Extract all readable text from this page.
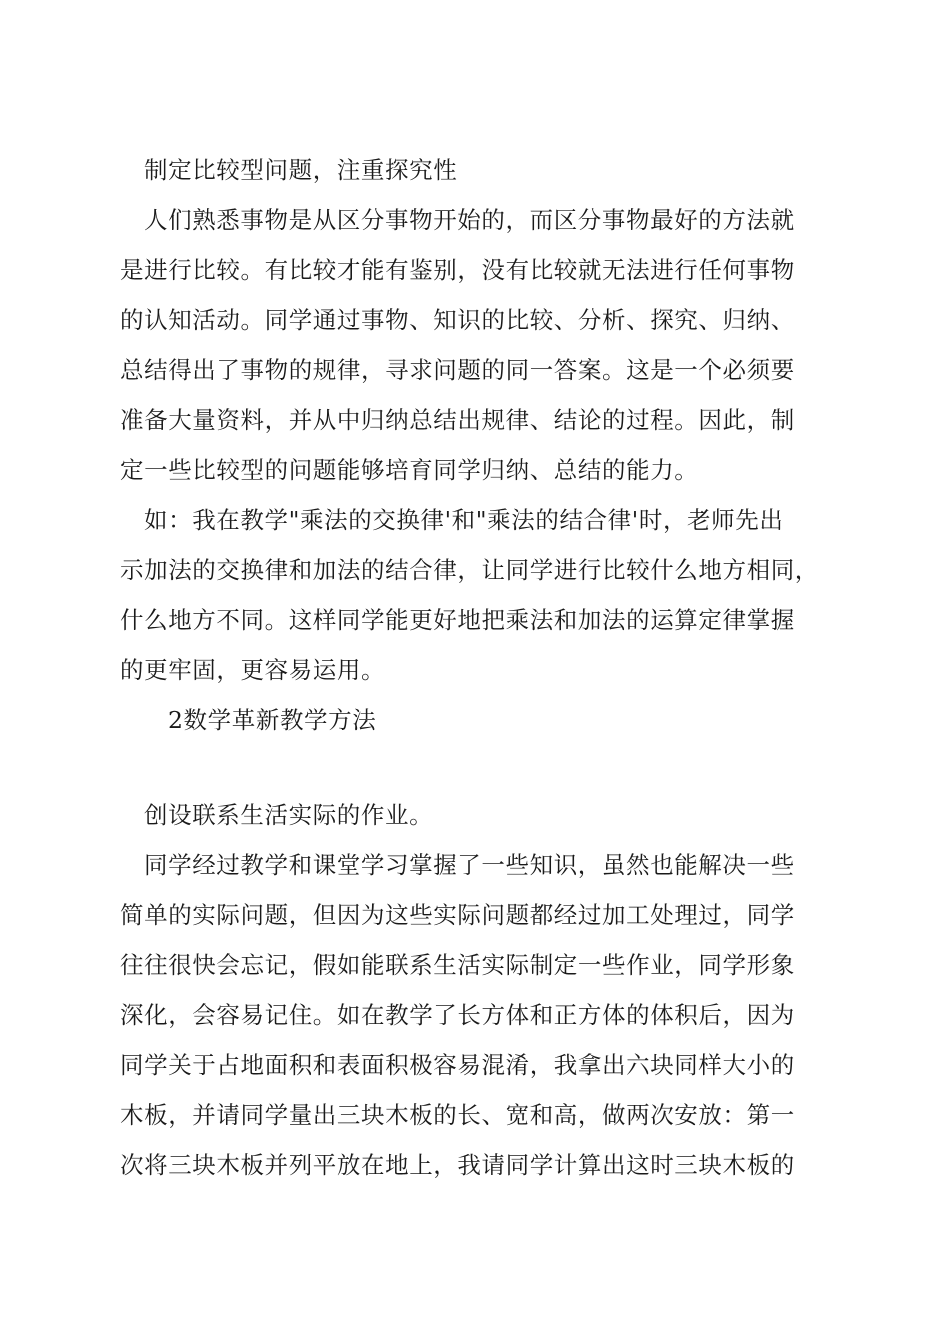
制定比较型问题，注重探究性
人们熟悉事物是从区分事物开始的，而区分事物最好的方法就
是进行比较。有比较才能有鉴别，没有比较就无法进行任何事物
的认知活动。同学通过事物、知识的比较、分析、探究、归纳、
总结得出了事物的规律，寻求问题的同一答案。这是一个必须要
准备大量资料，并从中归纳总结出规律、结论的过程。因此，制
定一些比较型的问题能够培育同学归纳、总结的能力。
如：我在教学"乘法的交换律'和"乘法的结合律'时，老师先出
示加法的交换律和加法的结合律，让同学进行比较什么地方相同，
什么地方不同。这样同学能更好地把乘法和加法的运算定律掌握
的更牢固，更容易运用。
2数学革新教学方法
创设联系生活实际的作业。
同学经过教学和课堂学习掌握了一些知识，虽然也能解决一些
简单的实际问题，但因为这些实际问题都经过加工处理过，同学
往往很快会忘记，假如能联系生活实际制定一些作业，同学形象
深化，会容易记住。如在教学了长方体和正方体的体积后，因为
同学关于占地面积和表面积极容易混淆，我拿出六块同样大小的
木板，并请同学量出三块木板的长、宽和高，做两次安放：第一
次将三块木板并列平放在地上，我请同学计算出这时三块木板的
